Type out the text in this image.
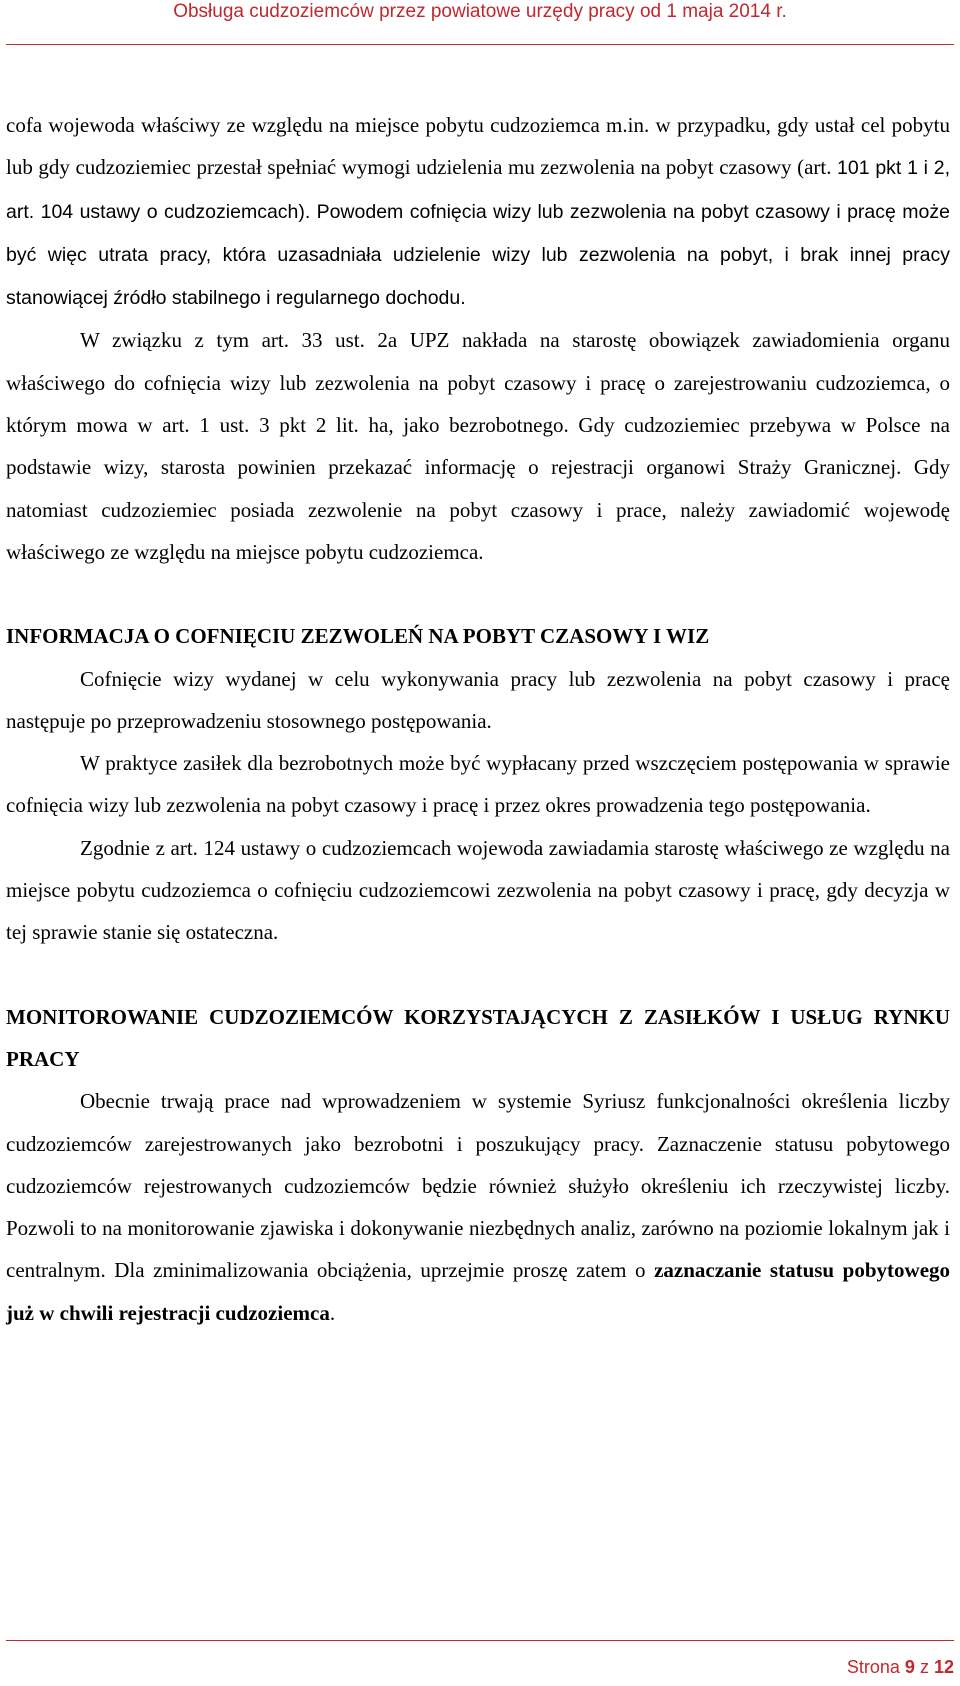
Obsługa cudzoziemców przez powiatowe urzędy pracy od 1 maja 2014 r.

cofa wojewoda właściwy ze względu na miejsce pobytu cudzoziemca m.in. w przypadku, gdy ustał cel pobytu lub gdy cudzoziemiec przestał spełniać wymogi udzielenia mu zezwolenia na pobyt czasowy (art. 101 pkt 1 i 2, art. 104 ustawy o cudzoziemcach). Powodem cofnięcia wizy lub zezwolenia na pobyt czasowy i pracę może być więc utrata pracy, która uzasadniała udzielenie wizy lub zezwolenia na pobyt, i brak innej pracy stanowiącej źródło stabilnego i regularnego dochodu.

W związku z tym art. 33 ust. 2a UPZ nakłada na starostę obowiązek zawiadomienia organu właściwego do cofnięcia wizy lub zezwolenia na pobyt czasowy i pracę o zarejestrowaniu cudzoziemca, o którym mowa w art. 1 ust. 3 pkt 2 lit. ha, jako bezrobotnego. Gdy cudzoziemiec przebywa w Polsce na podstawie wizy, starosta powinien przekazać informację o rejestracji organowi Straży Granicznej. Gdy natomiast cudzoziemiec posiada zezwolenie na pobyt czasowy i prace, należy zawiadomić wojewodę właściwego ze względu na miejsce pobytu cudzoziemca.

INFORMACJA O COFNIĘCIU ZEZWOLEŃ NA POBYT CZASOWY I WIZ

Cofnięcie wizy wydanej w celu wykonywania pracy lub zezwolenia na pobyt czasowy i pracę następuje po przeprowadzeniu stosownego postępowania.

W praktyce zasiłek dla bezrobotnych może być wypłacany przed wszczęciem postępowania w sprawie cofnięcia wizy lub zezwolenia na pobyt czasowy i pracę i przez okres prowadzenia tego postępowania.

Zgodnie z art. 124 ustawy o cudzoziemcach wojewoda zawiadamia starostę właściwego ze względu na miejsce pobytu cudzoziemca o cofnięciu cudzoziemcowi zezwolenia na pobyt czasowy i pracę, gdy decyzja w tej sprawie stanie się ostateczna.

MONITOROWANIE CUDZOZIEMCÓW KORZYSTAJĄCYCH Z ZASIŁKÓW I USŁUG RYNKU PRACY

Obecnie trwają prace nad wprowadzeniem w systemie Syriusz funkcjonalności określenia liczby cudzoziemców zarejestrowanych jako bezrobotni i poszukujący pracy. Zaznaczenie statusu pobytowego cudzoziemców rejestrowanych cudzoziemców będzie również służyło określeniu ich rzeczywistej liczby. Pozwoli to na monitorowanie zjawiska i dokonywanie niezbędnych analiz, zarówno na poziomie lokalnym jak i centralnym. Dla zminimalizowania obciążenia, uprzejmie proszę zatem o zaznaczanie statusu pobytowego już w chwili rejestracji cudzoziemca.

Strona 9 z 12
